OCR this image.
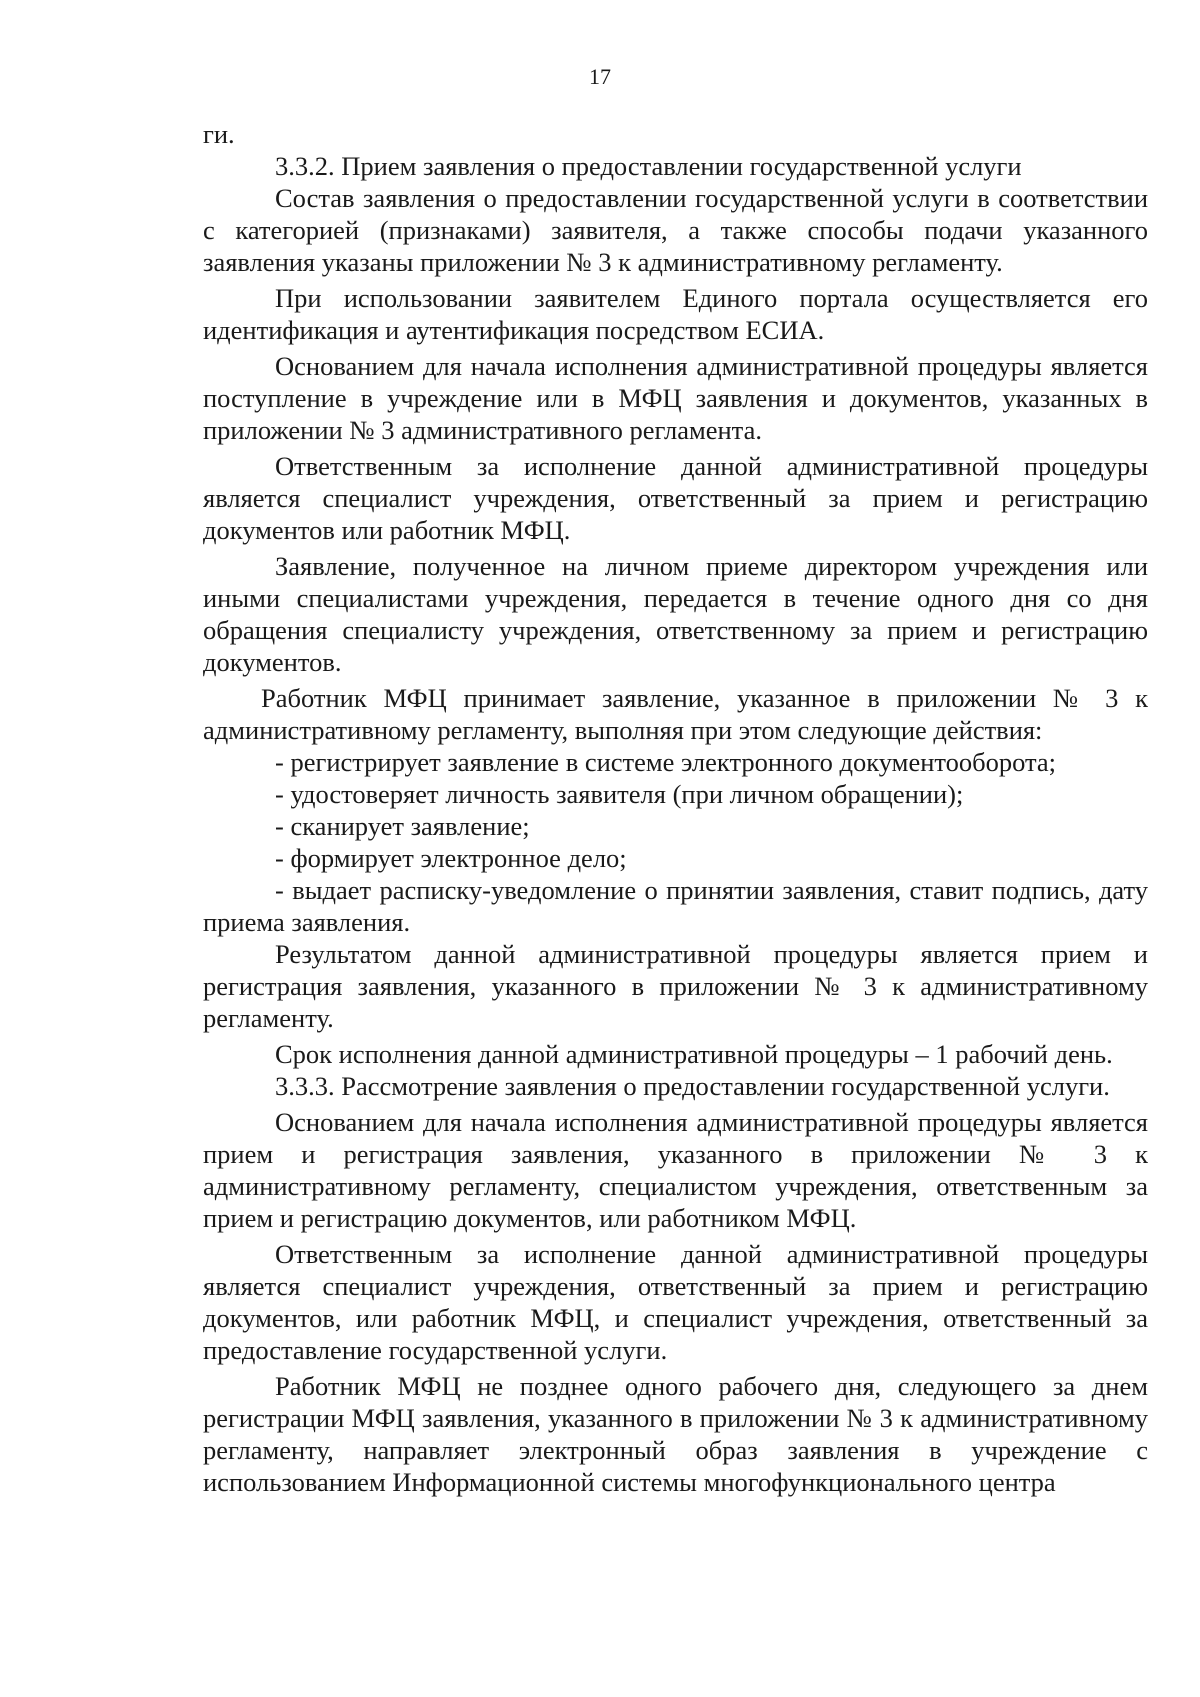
17

ги.

3.3.2. Прием заявления о предоставлении государственной услуги

Состав заявления о предоставлении государственной услуги в соответствии с категорией (признаками) заявителя, а также способы подачи указанного заявления указаны приложении № 3 к административному регламенту.

При использовании заявителем Единого портала осуществляется его идентификация и аутентификация посредством ЕСИА.

Основанием для начала исполнения административной процедуры является поступление в учреждение или в МФЦ заявления и документов, указанных в приложении № 3 административного регламента.

Ответственным за исполнение данной административной процедуры является специалист учреждения, ответственный за прием и регистрацию документов или работник МФЦ.

Заявление, полученное на личном приеме директором учреждения или иными специалистами учреждения, передается в течение одного дня со дня обращения специалисту учреждения, ответственному за прием и регистрацию документов.

Работник МФЦ принимает заявление, указанное в приложении № 3 к административному регламенту, выполняя при этом следующие действия:

- регистрирует заявление в системе электронного документооборота;

- удостоверяет личность заявителя (при личном обращении);

- сканирует заявление;

- формирует электронное дело;

- выдает расписку-уведомление о принятии заявления, ставит подпись, дату приема заявления.

Результатом данной административной процедуры является прием и регистрация заявления, указанного в приложении № 3 к административному регламенту.

Срок исполнения данной административной процедуры – 1 рабочий день.

3.3.3. Рассмотрение заявления о предоставлении государственной услуги.

Основанием для начала исполнения административной процедуры является прием и регистрация заявления, указанного в приложении № 3 к административному регламенту, специалистом учреждения, ответственным за прием и регистрацию документов, или работником МФЦ.

Ответственным за исполнение данной административной процедуры является специалист учреждения, ответственный за прием и регистрацию документов, или работник МФЦ, и специалист учреждения, ответственный за предоставление государственной услуги.

Работник МФЦ не позднее одного рабочего дня, следующего за днем регистрации МФЦ заявления, указанного в приложении № 3 к административному регламенту, направляет электронный образ заявления в учреждение с использованием Информационной системы многофункционального центра
